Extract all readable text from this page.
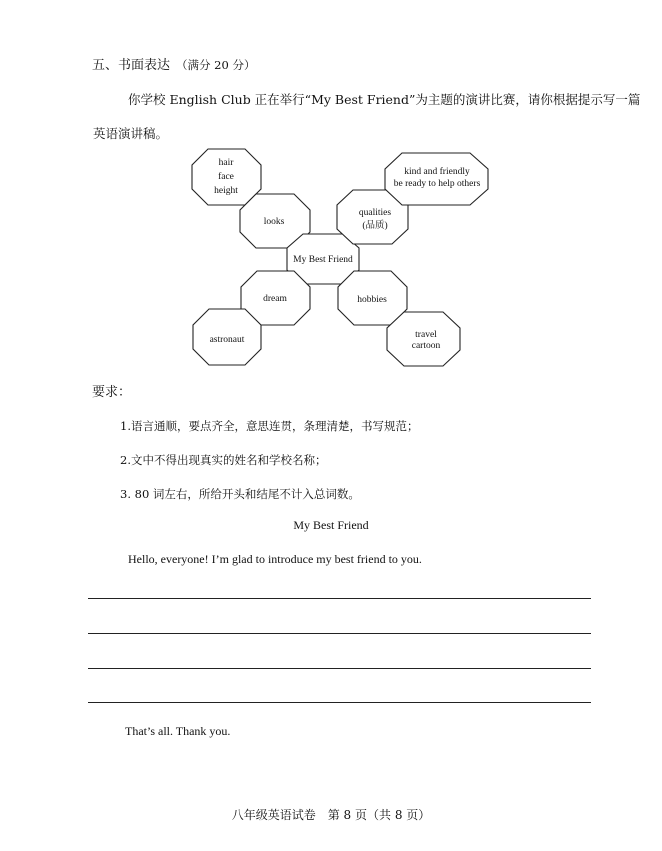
五、书面表达 （满分 20 分）
你学校 English Club 正在举行“My Best Friend”为主题的演讲比赛，请你根据提示写一篇
英语演讲稿。
hair
face
height
looks
My Best Friend
qualities
(品质)
kind and friendly
be ready to help others
dream	hobbies
astronaut	travel
cartoon
要求：
1.语言通顺，要点齐全，意思连贯，条理清楚，书写规范；
2.文中不得出现真实的姓名和学校名称；
3. 80 词左右，所给开头和结尾不计入总词数。
My Best Friend
Hello, everyone! I’m glad to introduce my best friend to you.
That’s all. Thank you.
八年级英语试卷　第 8 页（共 8 页）
